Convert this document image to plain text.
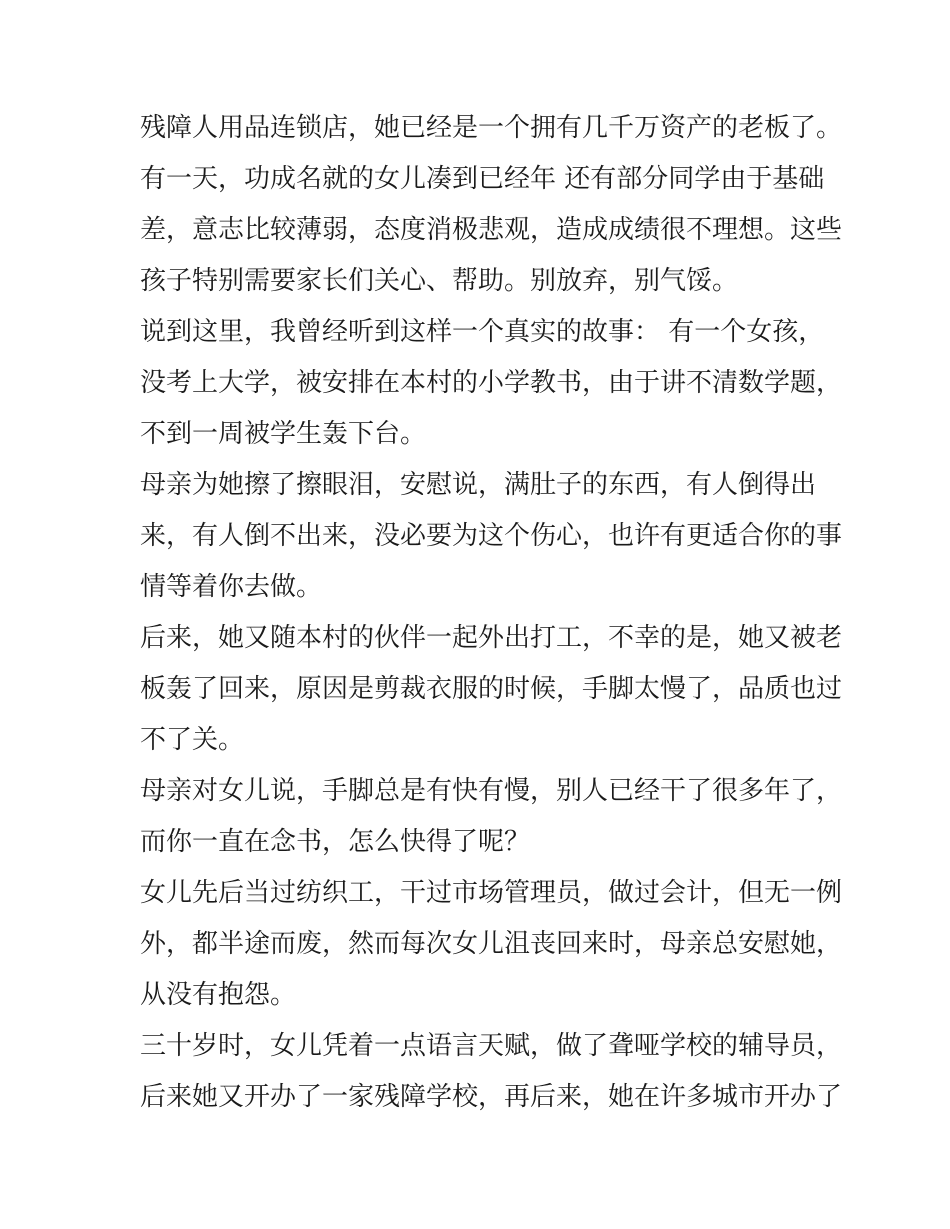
残障人用品连锁店，她已经是一个拥有几千万资产的老板了。
有一天，功成名就的女儿凑到已经年 还有部分同学由于基础
差，意志比较薄弱，态度消极悲观，造成成绩很不理想。这些
孩子特别需要家长们关心、帮助。别放弃，别气馁。
说到这里，我曾经听到这样一个真实的故事： 有一个女孩，
没考上大学，被安排在本村的小学教书，由于讲不清数学题，
不到一周被学生轰下台。
母亲为她擦了擦眼泪，安慰说，满肚子的东西，有人倒得出
来，有人倒不出来，没必要为这个伤心，也许有更适合你的事
情等着你去做。
后来，她又随本村的伙伴一起外出打工，不幸的是，她又被老
板轰了回来，原因是剪裁衣服的时候，手脚太慢了，品质也过
不了关。
母亲对女儿说，手脚总是有快有慢，别人已经干了很多年了，
而你一直在念书，怎么快得了呢？
女儿先后当过纺织工，干过市场管理员，做过会计，但无一例
外，都半途而废，然而每次女儿沮丧回来时，母亲总安慰她，
从没有抱怨。
三十岁时，女儿凭着一点语言天赋，做了聋哑学校的辅导员，
后来她又开办了一家残障学校，再后来，她在许多城市开办了
